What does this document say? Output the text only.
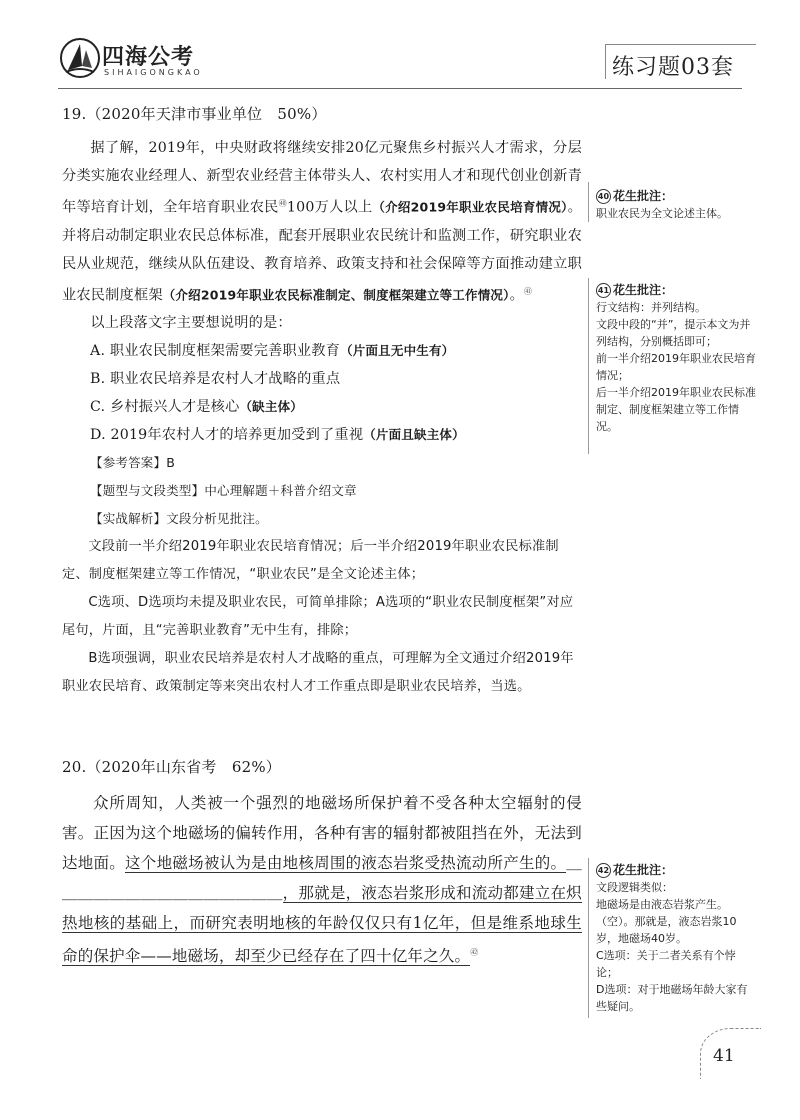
四海公考
SIHAIGONGKAO	练习题03套
19.（2020年天津市事业单位　50%）

据了解，2019年，中央财政将继续安排20亿元聚焦乡村振兴人才需求，分层分类实施农业经理人、新型农业经营主体带头人、农村实用人才和现代创业创新青年等培育计划，全年培育职业农民$^㊵$100万人以上（介绍2019年职业农民培育情况）。并将启动制定职业农民总体标准，配套开展职业农民统计和监测工作，研究职业农民从业规范，继续从队伍建设、教育培养、政策支持和社会保障等方面推动建立职业农民制度框架（介绍2019年职业农民标准制定、制度框架建立等工作情况）。$^㊶$

以上段落文字主要想说明的是：

A. 职业农民制度框架需要完善职业教育（片面且无中生有）

B. 职业农民培养是农村人才战略的重点

C. 乡村振兴人才是核心（缺主体）

D. 2019年农村人才的培养更加受到了重视（片面且缺主体）

【参考答案】B

【题型与文段类型】中心理解题＋科普介绍文章

【实战解析】文段分析见批注。

文段前一半介绍2019年职业农民培育情况；后一半介绍2019年职业农民标准制定、制度框架建立等工作情况，“职业农民”是全文论述主体；

C选项、D选项均未提及职业农民，可简单排除；A选项的“职业农民制度框架”对应尾句，片面，且“完善职业教育”无中生有，排除；

B选项强调，职业农民培养是农村人才战略的重点，可理解为全文通过介绍2019年职业农民培育、政策制定等来突出农村人才工作重点即是职业农民培养，当选。

20.（2020年山东省考　62%）

众所周知，人类被一个强烈的地磁场所保护着不受各种太空辐射的侵害。正因为这个地磁场的偏转作用，各种有害的辐射都被阻挡在外，无法到达地面。这个地磁场被认为是由地核周围的液态岩浆受热流动所产生的。＿＿＿＿＿＿＿＿＿＿＿＿＿＿＿，那就是，液态岩浆形成和流动都建立在炽热地核的基础上，而研究表明地核的年龄仅仅只有1亿年，但是维系地球生命的保护伞——地磁场，却至少已经存在了四十亿年之久。$^㊷$

40 花生批注：

职业农民为全文论述主体。

41 花生批注：

行文结构：并列结构。

文段中段的“并”，提示本文为并列结构，分别概括即可；

前一半介绍2019年职业农民培育情况；

后一半介绍2019年职业农民标准制定、制度框架建立等工作情况。

42 花生批注：

文段逻辑类似：

地磁场是由液态岩浆产生。

（空）。那就是，液态岩浆10岁，地磁场40岁。

C选项：关于二者关系有个悖论；

D选项：对于地磁场年龄大家有些疑问。

41
